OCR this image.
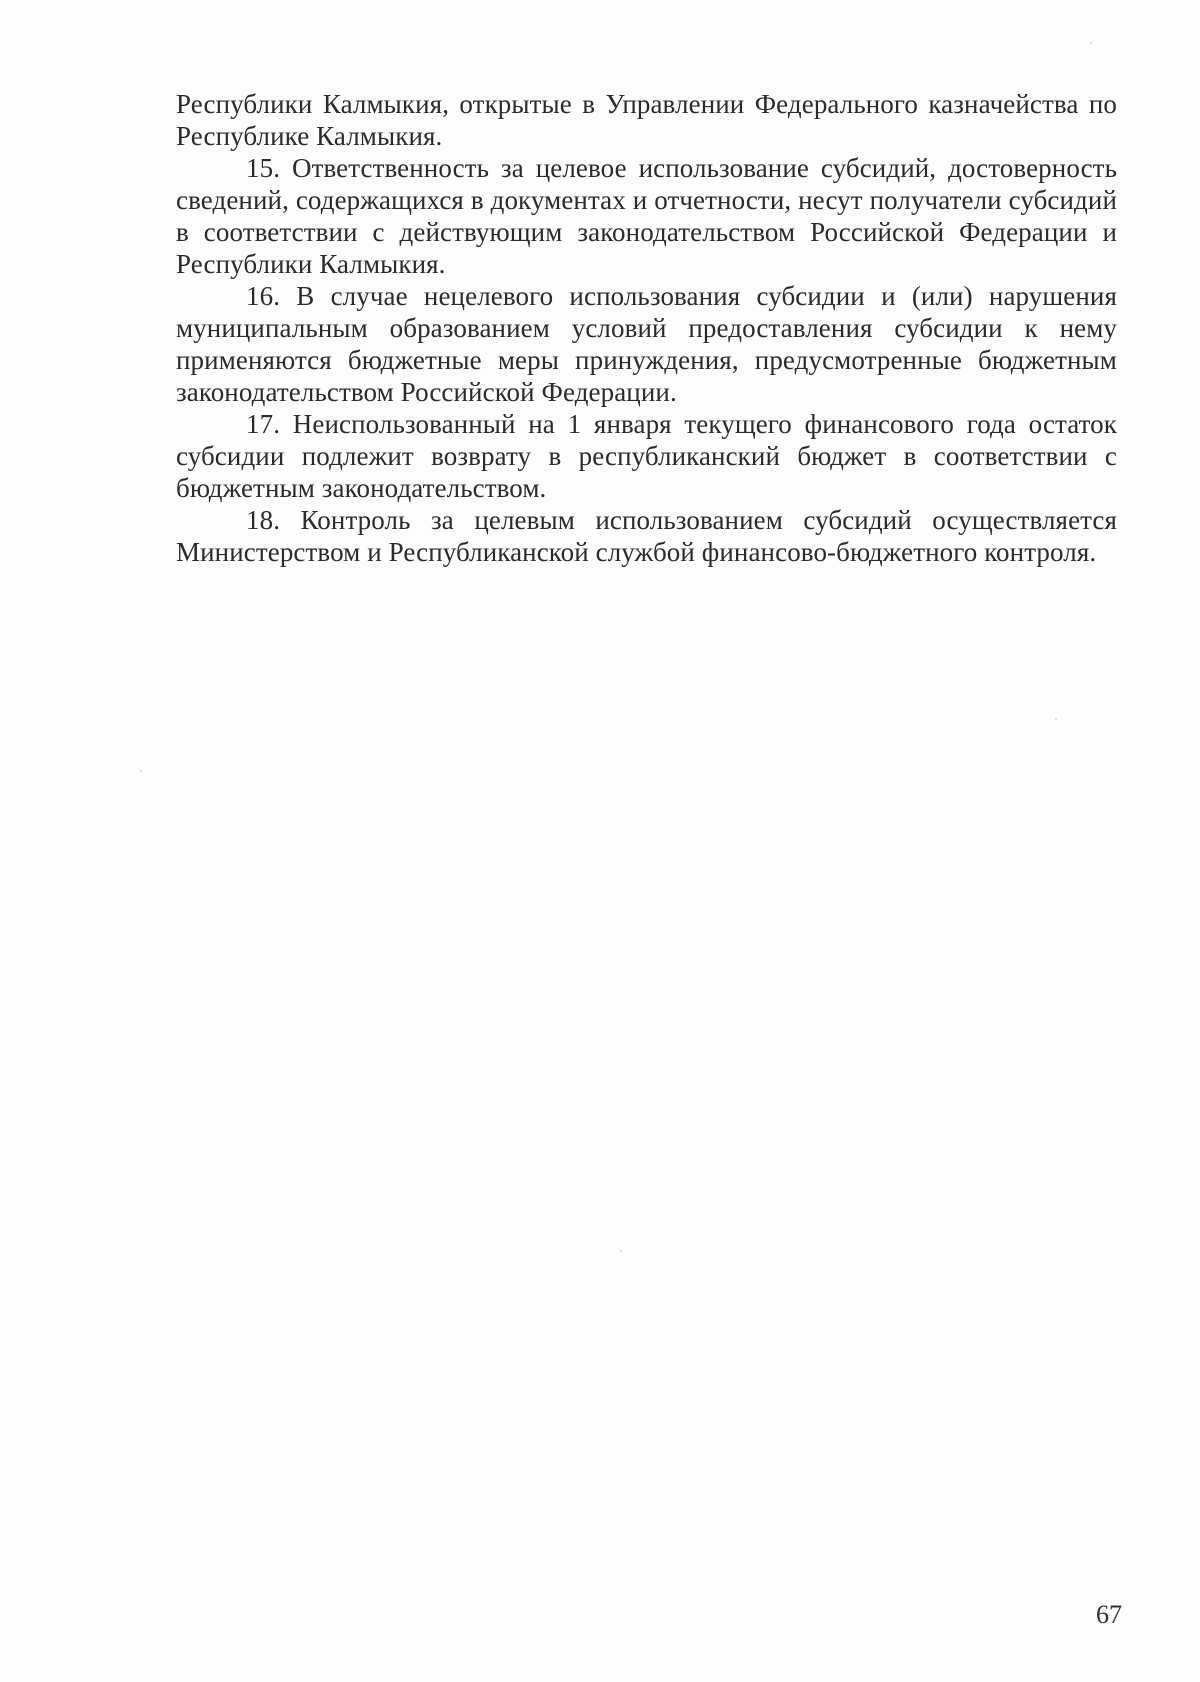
Республики Калмыкия, открытые в Управлении Федерального казначейства по Республике Калмыкия.

15. Ответственность за целевое использование субсидий, достоверность сведений, содержащихся в документах и отчетности, несут получатели субсидий в соответствии с действующим законодательством Российской Федерации и Республики Калмыкия.

16. В случае нецелевого использования субсидии и (или) нарушения муниципальным образованием условий предоставления субсидии к нему применяются бюджетные меры принуждения, предусмотренные бюджетным законодательством Российской Федерации.

17. Неиспользованный на 1 января текущего финансового года остаток субсидии подлежит возврату в республиканский бюджет в соответствии с бюджетным законодательством.

18. Контроль за целевым использованием субсидий осуществляется Министерством и Республиканской службой финансово-бюджетного контроля.

67
